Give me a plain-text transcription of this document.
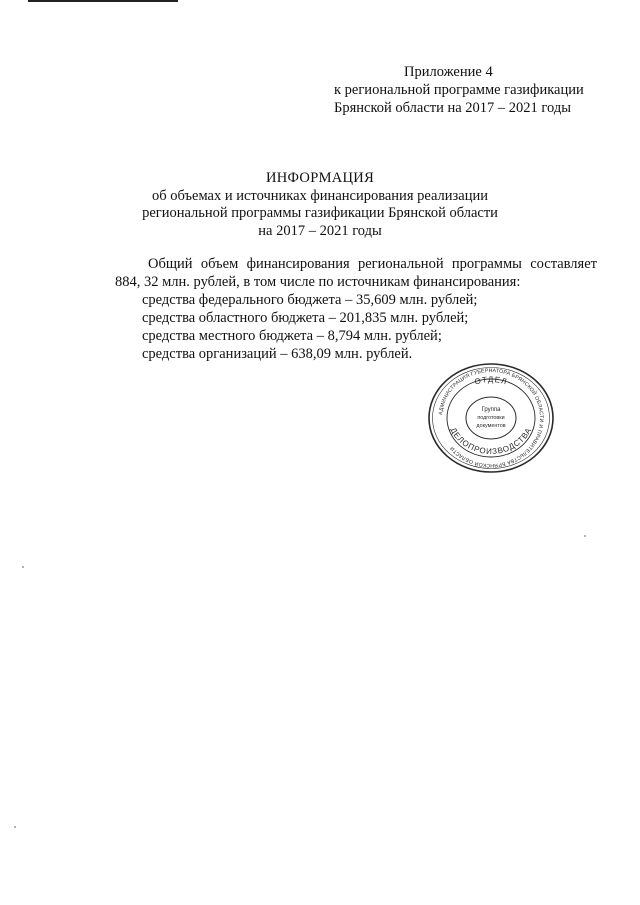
Приложение 4
к региональной программе газификации
Брянской области на 2017 – 2021 годы
ИНФОРМАЦИЯ
об объемах и источниках финансирования реализации
региональной программы газификации Брянской области
на 2017 – 2021 годы
Общий объем финансирования региональной программы составляет 884, 32 млн. рублей, в том числе по источникам финансирования:
средства федерального бюджета – 35,609 млн. рублей;
средства областного бюджета – 201,835 млн. рублей;
средства местного бюджета – 8,794 млн. рублей;
средства организаций – 638,09 млн. рублей.
АДМИНИСТРАЦИЯ ГУБЕРНАТОРА БРЯНСКОЙ ОБЛАСТИ И ПРАВИТЕЛЬСТВА БРЯНСКОЙ ОБЛАСТИ
ОТДЕЛ
ДЕЛОПРОИЗВОДСТВА
Группа
подготовки
документов
